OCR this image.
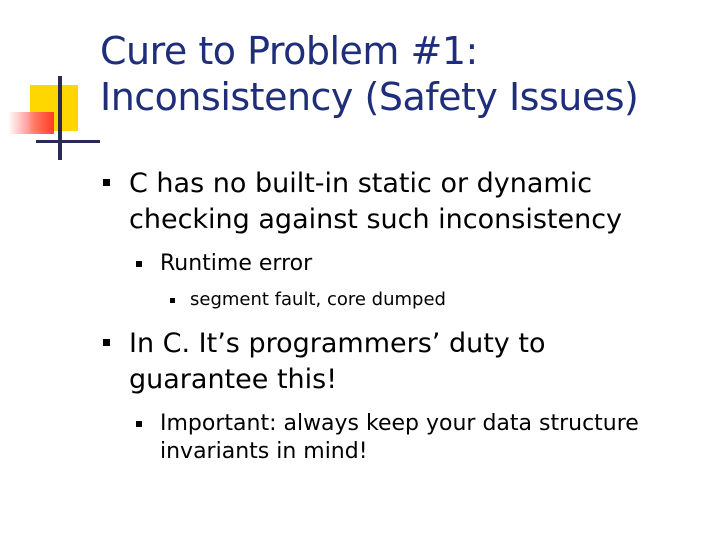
Cure to Problem #1:
Inconsistency (Safety Issues)
C has no built-in static or dynamic
checking against such inconsistency
Runtime error
segment fault, core dumped
In C. It’s programmers’ duty to
guarantee this!
Important: always keep your data structure
invariants in mind!
